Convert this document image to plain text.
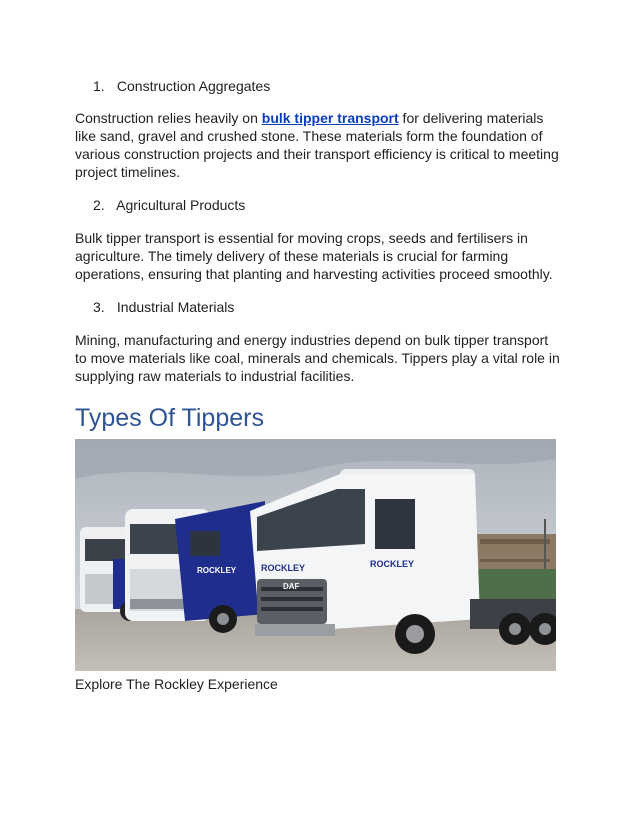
1. Construction Aggregates

Construction relies heavily on bulk tipper transport for delivering materials like sand, gravel and crushed stone. These materials form the foundation of various construction projects and their transport efficiency is critical to meeting project timelines.

2. Agricultural Products

Bulk tipper transport is essential for moving crops, seeds and fertilisers in agriculture. The timely delivery of these materials is crucial for farming operations, ensuring that planting and harvesting activities proceed smoothly.

3. Industrial Materials

Mining, manufacturing and energy industries depend on bulk tipper transport to move materials like coal, minerals and chemicals. Tippers play a vital role in supplying raw materials to industrial facilities.

Types Of Tippers
ROCKLEY	ROCKLEY	ROCKLEY
DAF
Explore The Rockley Experience
